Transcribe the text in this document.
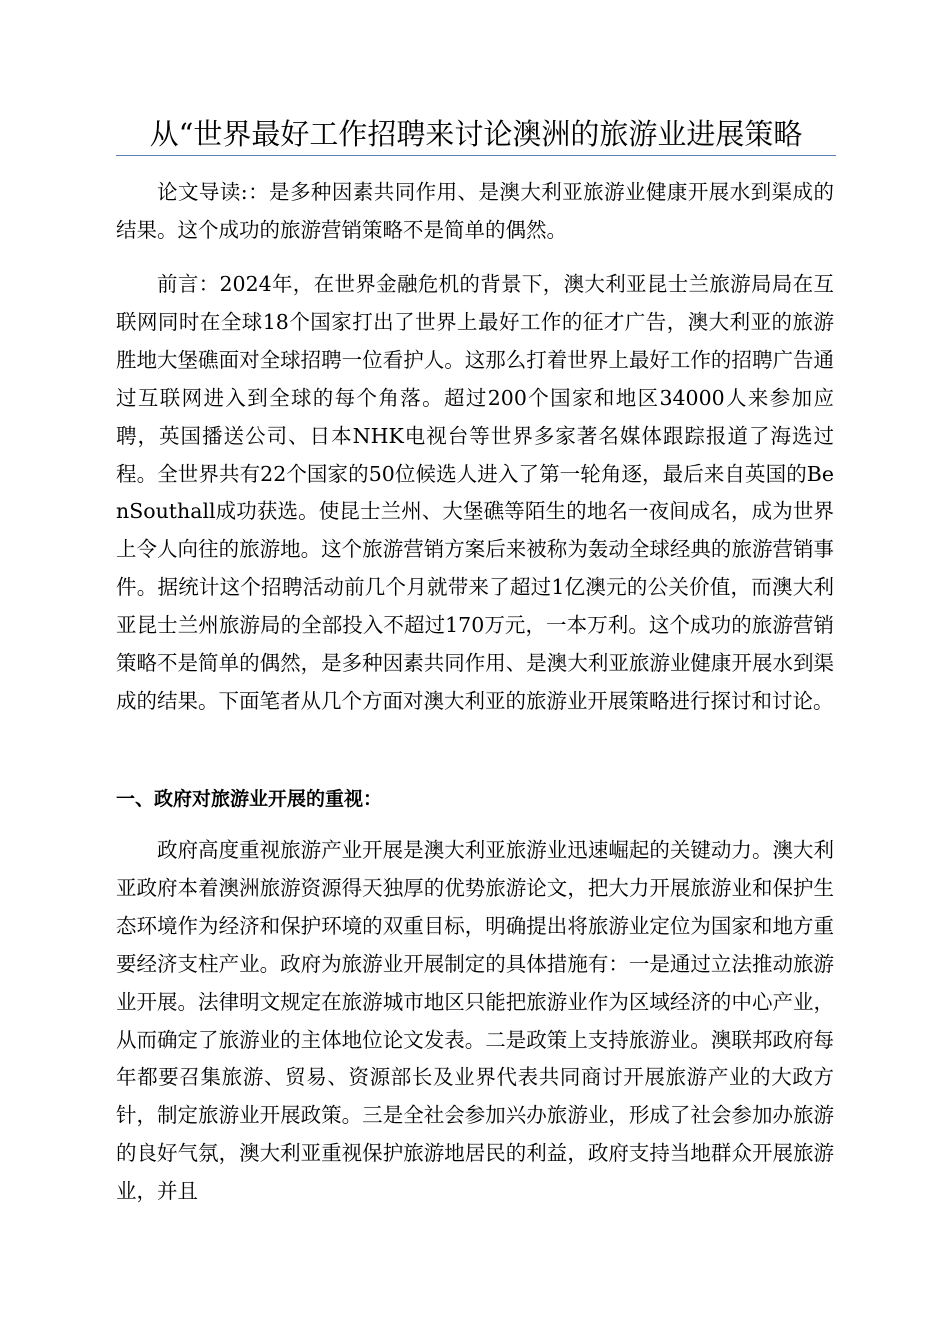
从“世界最好工作招聘来讨论澳洲的旅游业进展策略

论文导读:：是多种因素共同作用、是澳大利亚旅游业健康开展水到渠成的结果。这个成功的旅游营销策略不是简单的偶然。

前言：2024年，在世界金融危机的背景下，澳大利亚昆士兰旅游局局在互联网同时在全球18个国家打出了世界上最好工作的征才广告，澳大利亚的旅游胜地大堡礁面对全球招聘一位看护人。这那么打着世界上最好工作的招聘广告通过互联网进入到全球的每个角落。超过200个国家和地区34000人来参加应聘，英国播送公司、日本NHK电视台等世界多家著名媒体跟踪报道了海选过程。全世界共有22个国家的50位候选人进入了第一轮角逐，最后来自英国的BenSouthall成功获选。使昆士兰州、大堡礁等陌生的地名一夜间成名，成为世界上令人向往的旅游地。这个旅游营销方案后来被称为轰动全球经典的旅游营销事件。据统计这个招聘活动前几个月就带来了超过1亿澳元的公关价值，而澳大利亚昆士兰州旅游局的全部投入不超过170万元，一本万利。这个成功的旅游营销策略不是简单的偶然，是多种因素共同作用、是澳大利亚旅游业健康开展水到渠成的结果。下面笔者从几个方面对澳大利亚的旅游业开展策略进行探讨和讨论。

一、政府对旅游业开展的重视：

政府高度重视旅游产业开展是澳大利亚旅游业迅速崛起的关键动力。澳大利亚政府本着澳洲旅游资源得天独厚的优势旅游论文，把大力开展旅游业和保护生态环境作为经济和保护环境的双重目标，明确提出将旅游业定位为国家和地方重要经济支柱产业。政府为旅游业开展制定的具体措施有：一是通过立法推动旅游业开展。法律明文规定在旅游城市地区只能把旅游业作为区域经济的中心产业，从而确定了旅游业的主体地位论文发表。二是政策上支持旅游业。澳联邦政府每年都要召集旅游、贸易、资源部长及业界代表共同商讨开展旅游产业的大政方针，制定旅游业开展政策。三是全社会参加兴办旅游业，形成了社会参加办旅游的良好气氛，澳大利亚重视保护旅游地居民的利益，政府支持当地群众开展旅游业，并且
